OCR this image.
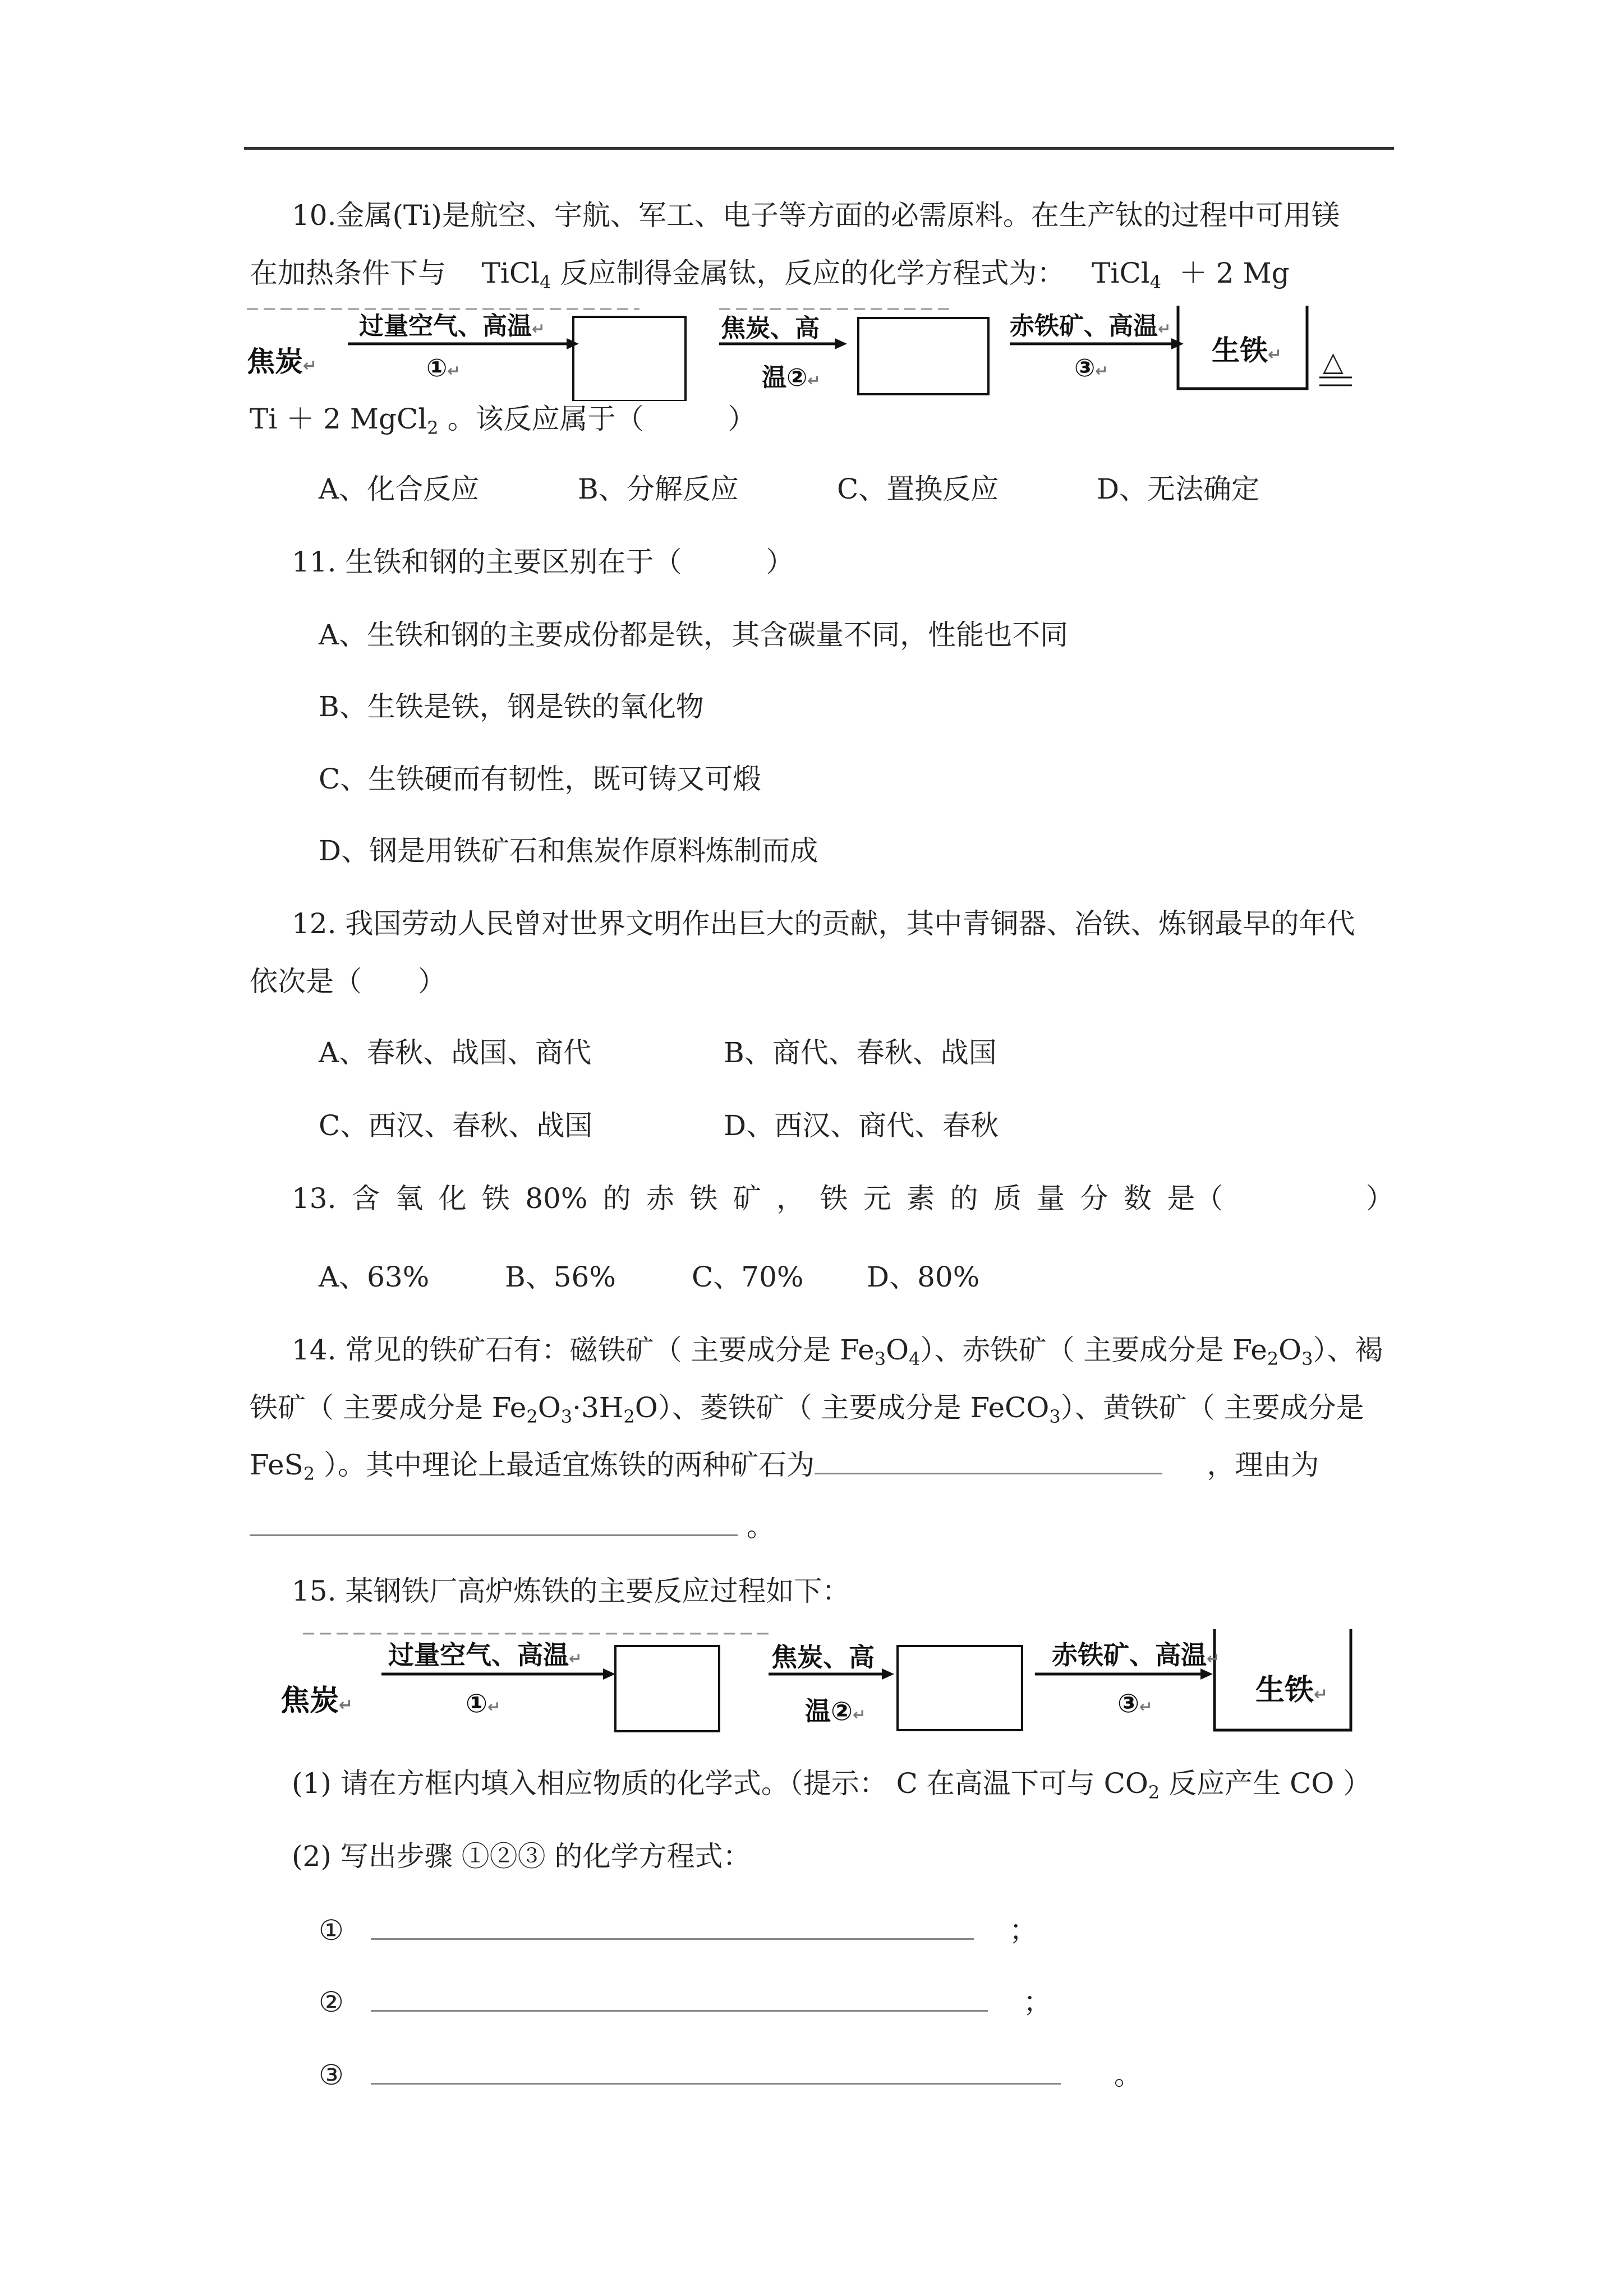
10.金属(Ti)是航空、宇航、军工、电子等方面的必需原料。在生产钛的过程中可用镁
在加热条件下与 TiCl$_4$ 反应制得金属钛，反应的化学方程式为： TiCl$_4$ ＋ 2 Mg
焦炭↵
过量空气、高温↵
①↵
焦炭、高
温②↵
赤铁矿、高温↵
③↵
生铁↵ △
Ti ＋ 2 MgCl$_2$ 。该反应属于（　　　）
A、化合反应	B、分解反应	C、置换反应	D、无法确定
11. 生铁和钢的主要区别在于（　　　）
A、生铁和钢的主要成份都是铁，其含碳量不同，性能也不同
B、生铁是铁，钢是铁的氧化物
C、生铁硬而有韧性，既可铸又可煅
D、钢是用铁矿石和焦炭作原料炼制而成
12. 我国劳动人民曾对世界文明作出巨大的贡献，其中青铜器、冶铁、炼钢最早的年代
依次是（　　）
A、春秋、战国、商代	B、商代、春秋、战国
C、西汉、春秋、战国	D、西汉、商代、春秋
13. 含 氧 化 铁 80% 的 赤 铁 矿 ， 铁 元 素 的 质 量 分 数 是（
　　　　	）
A、63%	B、56%	C、70% D、80%
14. 常见的铁矿石有：磁铁矿（ 主要成分是 $Fe_3O_4$）、赤铁矿（ 主要成分是 $Fe_2O_3$）、褐
铁矿（ 主要成分是 $Fe_2O_3\cdot 3H_2O$）、菱铁矿（ 主要成分是 FeCO$_3$）、黄铁矿（ 主要成分是
FeS$_2$ ）。其中理论上最适宜炼铁的两种矿石为	，理由为
。
15. 某钢铁厂高炉炼铁的主要反应过程如下：
焦炭↵
过量空气、高温↵
①↵
焦炭、高
温②↵
赤铁矿、高温↵
③↵	生铁↵
(1) 请在方框内填入相应物质的化学式。（提示： C 在高温下可与 $CO_2$ 反应产生 CO ）
(2) 写出步骤 ①②③ 的化学方程式：
①	；
②	；
③	。
